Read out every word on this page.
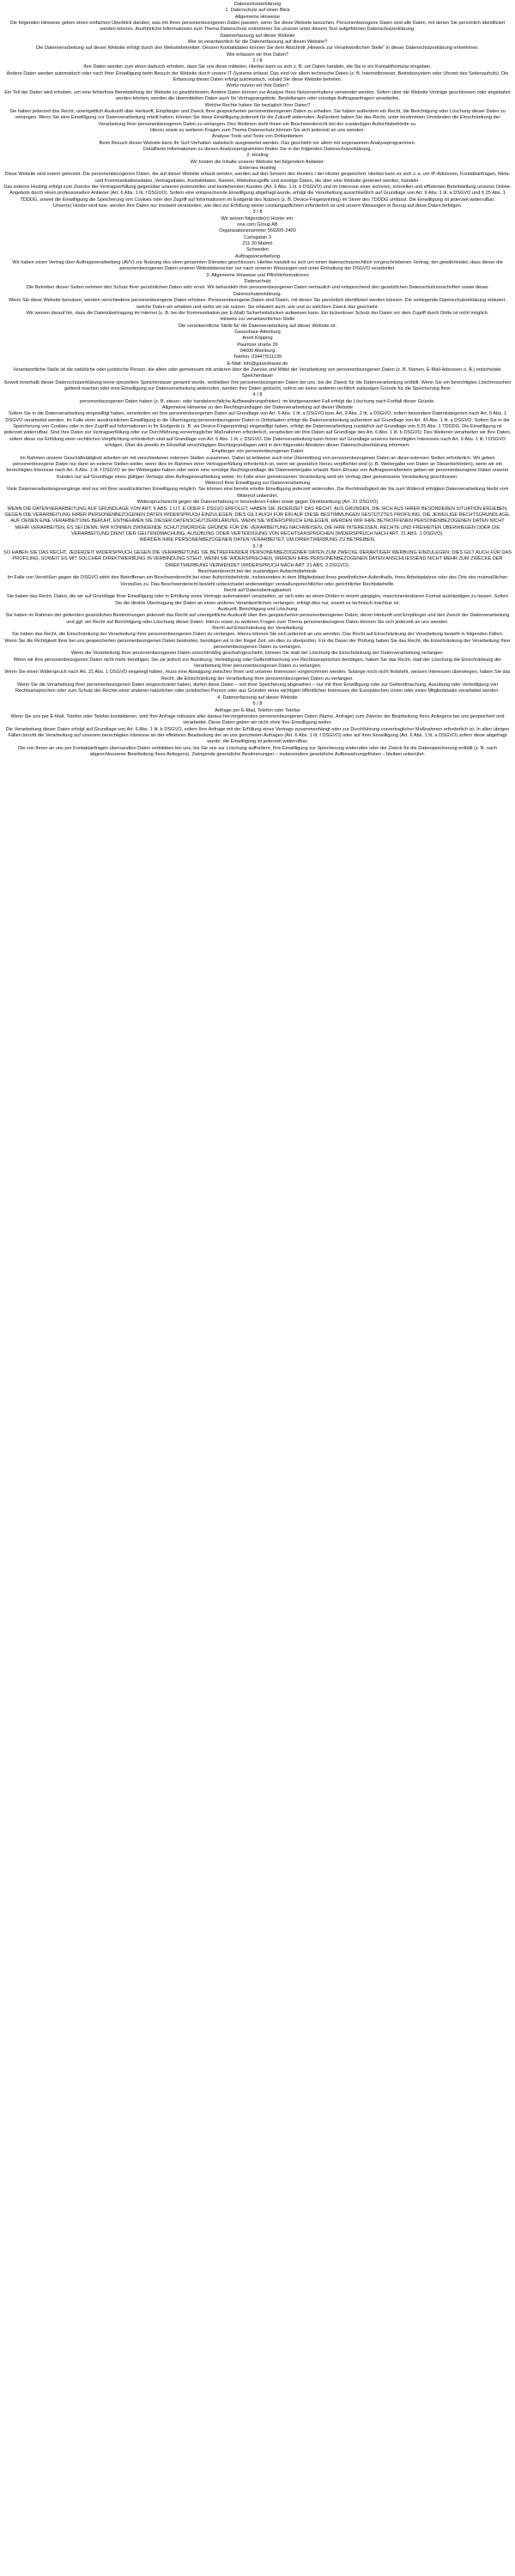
Datenschutzerklärung

1. Datenschutz auf einen Blick

Allgemeine Hinweise

Die folgenden Hinweise geben einen einfachen Überblick darüber, was mit Ihren personenbezogenen Daten passiert, wenn Sie diese Website besuchen. Personenbezogene Daten sind alle Daten, mit denen Sie persönlich identifiziert werden können. Ausführliche Informationen zum Thema Datenschutz entnehmen Sie unserer unter diesem Text aufgeführten Datenschutzerklärung.

Datenerfassung auf dieser Website

Wer ist verantwortlich für die Datenerfassung auf dieser Website?

Die Datenverarbeitung auf dieser Website erfolgt durch den Websitebetreiber. Dessen Kontaktdaten können Sie dem Abschnitt „Hinweis zur Verantwortlichen Stelle“ in dieser Datenschutzerklärung entnehmen.

Wie erfassen wir Ihre Daten?

2 / 8

Ihre Daten werden zum einen dadurch erhoben, dass Sie uns diese mitteilen. Hierbei kann es sich z. B. um Daten handeln, die Sie in ein Kontaktformular eingeben.

Andere Daten werden automatisch oder nach Ihrer Einwilligung beim Besuch der Website durch unsere IT-Systeme erfasst. Das sind vor allem technische Daten (z. B. Internetbrowser, Betriebssystem oder Uhrzeit des Seitenaufrufs). Die Erfassung dieser Daten erfolgt automatisch, sobald Sie diese Website betreten.

Wofür nutzen wir Ihre Daten?

Ein Teil der Daten wird erhoben, um eine fehlerfreie Bereitstellung der Website zu gewährleisten. Andere Daten können zur Analyse Ihres Nutzerverhaltens verwendet werden. Sofern über die Website Verträge geschlossen oder angebahnt werden können, werden die übermittelten Daten auch für Vertragsangebote, Bestellungen oder sonstige Auftragsanfragen verarbeitet.

Welche Rechte haben Sie bezüglich Ihrer Daten?

Sie haben jederzeit das Recht, unentgeltlich Auskunft über Herkunft, Empfänger und Zweck Ihrer gespeicherten personenbezogenen Daten zu erhalten. Sie haben außerdem ein Recht, die Berichtigung oder Löschung dieser Daten zu verlangen. Wenn Sie eine Einwilligung zur Datenverarbeitung erteilt haben, können Sie diese Einwilligung jederzeit für die Zukunft widerrufen. Außerdem haben Sie das Recht, unter bestimmten Umständen die Einschränkung der Verarbeitung Ihrer personenbezogenen Daten zu verlangen. Des Weiteren steht Ihnen ein Beschwerderecht bei der zuständigen Aufsichtsbehörde zu.

Hierzu sowie zu weiteren Fragen zum Thema Datenschutz können Sie sich jederzeit an uns wenden.

Analyse-Tools und Tools von Drittanbietern

Beim Besuch dieser Website kann Ihr Surf-Verhalten statistisch ausgewertet werden. Das geschieht vor allem mit sogenannten Analyseprogrammen.

Detaillierte Informationen zu diesen Analyseprogrammen finden Sie in der folgenden Datenschutzerklärung.

2. Hosting

Wir hosten die Inhalte unserer Website bei folgendem Anbieter:

Externes Hosting

Diese Website wird extern gehostet. Die personenbezogenen Daten, die auf dieser Website erfasst werden, werden auf den Servern des Hosters / der Hoster gespeichert. Hierbei kann es sich v. a. um IP-Adressen, Kontaktanfragen, Meta- und Kommunikationsdaten, Vertragsdaten, Kontaktdaten, Namen, Websitezugriffe und sonstige Daten, die über eine Website generiert werden, handeln.

Das externe Hosting erfolgt zum Zwecke der Vertragserfüllung gegenüber unseren potenziellen und bestehenden Kunden (Art. 6 Abs. 1 lit. b DSGVO) und im Interesse einer sicheren, schnellen und effizienten Bereitstellung unseres Online-Angebots durch einen professionellen Anbieter (Art. 6 Abs. 1 lit. f DSGVO). Sofern eine entsprechende Einwilligung abgefragt wurde, erfolgt die Verarbeitung ausschließlich auf Grundlage von Art. 6 Abs. 1 lit. a DSGVO und § 25 Abs. 1 TDDDG, soweit die Einwilligung die Speicherung von Cookies oder den Zugriff auf Informationen im Endgerät des Nutzers (z. B. Device-Fingerprinting) im Sinne des TDDDG umfasst. Die Einwilligung ist jederzeit widerrufbar.

Unser(e) Hoster wird bzw. werden Ihre Daten nur insoweit verarbeiten, wie dies zur Erfüllung seiner Leistungspflichten erforderlich ist und unsere Weisungen in Bezug auf diese Daten befolgen.

3 / 8

Wir setzen folgende(n) Hoster ein:

one.com Group AB

Organisationsnummer 559205-2400

Carlsgatan 3

211 20 Malmö

Schweden

Auftragsverarbeitung

Wir haben einen Vertrag über Auftragsverarbeitung (AVV) zur Nutzung des oben genannten Dienstes geschlossen. Hierbei handelt es sich um einen datenschutzrechtlich vorgeschriebenen Vertrag, der gewährleistet, dass dieser die personenbezogenen Daten unserer Websitebesucher nur nach unseren Weisungen und unter Einhaltung der DSGVO verarbeitet.

3. Allgemeine Hinweise und Pflichtinformationen

Datenschutz

Die Betreiber dieser Seiten nehmen den Schutz Ihrer persönlichen Daten sehr ernst. Wir behandeln Ihre personenbezogenen Daten vertraulich und entsprechend den gesetzlichen Datenschutzvorschriften sowie dieser Datenschutzerklärung.

Wenn Sie diese Website benutzen, werden verschiedene personenbezogene Daten erhoben. Personenbezogene Daten sind Daten, mit denen Sie persönlich identifiziert werden können. Die vorliegende Datenschutzerklärung erläutert, welche Daten wir erheben und wofür wir sie nutzen. Sie erläutert auch, wie und zu welchem Zweck das geschieht.

Wir weisen darauf hin, dass die Datenübertragung im Internet (z. B. bei der Kommunikation per E-Mail) Sicherheitslücken aufweisen kann. Ein lückenloser Schutz der Daten vor dem Zugriff durch Dritte ist nicht möglich.

Hinweis zur verantwortlichen Stelle

Die verantwortliche Stelle für die Datenverarbeitung auf dieser Website ist:

Gasoohaur-Altenburg

Anett Köpping

Pauritzer straße 39

04600 Altenburg

Telefon: 03447/511139

E-Mail: info@gasenhauer.de

Verantwortliche Stelle ist die natürliche oder juristische Person, die allein oder gemeinsam mit anderen über die Zwecke und Mittel der Verarbeitung von personenbezogenen Daten (z. B. Namen, E-Mail-Adressen o. Ä.) entscheidet.

Speicherdauer

Soweit innerhalb dieser Datenschutzerklärung keine speziellere Speicherdauer genannt wurde, verbleiben Ihre personenbezogenen Daten bei uns, bis der Zweck für die Datenverarbeitung entfällt. Wenn Sie ein berechtigtes Löschersuchen geltend machen oder eine Einwilligung zur Datenverarbeitung widerrufen, werden Ihre Daten gelöscht, sofern wir keine anderen rechtlich zulässigen Gründe für die Speicherung Ihrer

4 / 8

personenbezogenen Daten haben (z. B. steuer- oder handelsrechtliche Aufbewahrungsfristen); im letztgenannten Fall erfolgt die Löschung nach Fortfall dieser Gründe.

Allgemeine Hinweise zu den Rechtsgrundlagen der Datenverarbeitung auf dieser Website

Sofern Sie in die Datenverarbeitung eingewilligt haben, verarbeiten wir Ihre personenbezogenen Daten auf Grundlage von Art. 6 Abs. 1 lit. a DSGVO bzw. Art. 9 Abs. 2 lit. a DSGVO, sofern besondere Datenkategorien nach Art. 9 Abs. 1 DSGVO verarbeitet werden. Im Falle einer ausdrücklichen Einwilligung in die Übertragung personenbezogener Daten in Drittstaaten erfolgt die Datenverarbeitung außerdem auf Grundlage von Art. 49 Abs. 1 lit. a DSGVO. Sofern Sie in die Speicherung von Cookies oder in den Zugriff auf Informationen in Ihr Endgerät (z. B. via Device-Fingerprinting) eingewilligt haben, erfolgt die Datenverarbeitung zusätzlich auf Grundlage von § 25 Abs. 1 TDDDG. Die Einwilligung ist jederzeit widerrufbar. Sind Ihre Daten zur Vertragserfüllung oder zur Durchführung vorvertraglicher Maßnahmen erforderlich, verarbeiten wir Ihre Daten auf Grundlage des Art. 6 Abs. 1 lit. b DSGVO. Des Weiteren verarbeiten wir Ihre Daten, sofern diese zur Erfüllung einer rechtlichen Verpflichtung erforderlich sind auf Grundlage von Art. 6 Abs. 1 lit. c DSGVO. Die Datenverarbeitung kann ferner auf Grundlage unseres berechtigten Interesses nach Art. 6 Abs. 1 lit. f DSGVO erfolgen. Über die jeweils im Einzelfall einschlägigen Rechtsgrundlagen wird in den folgenden Absätzen dieser Datenschutzerklärung informiert.

Empfänger von personenbezogenen Daten

Im Rahmen unserer Geschäftstätigkeit arbeiten wir mit verschiedenen externen Stellen zusammen. Dabei ist teilweise auch eine Übermittlung von personenbezogenen Daten an diese externen Stellen erforderlich. Wir geben personenbezogene Daten nur dann an externe Stellen weiter, wenn dies im Rahmen einer Vertragserfüllung erforderlich ist, wenn wir gesetzlich hierzu verpflichtet sind (z. B. Weitergabe von Daten an Steuerbehörden), wenn wir ein berechtigtes Interesse nach Art. 6 Abs. 1 lit. f DSGVO an der Weitergabe haben oder wenn eine sonstige Rechtsgrundlage die Datenweitergabe erlaubt. Beim Einsatz von Auftragsverarbeitern geben wir personenbezogene Daten unserer Kunden nur auf Grundlage eines gültigen Vertrags über Auftragsverarbeitung weiter. Im Falle einer gemeinsamen Verarbeitung wird ein Vertrag über gemeinsame Verarbeitung geschlossen.

Widerruf Ihrer Einwilligung zur Datenverarbeitung

Viele Datenverarbeitungsvorgänge sind nur mit Ihrer ausdrücklichen Einwilligung möglich. Sie können eine bereits erteilte Einwilligung jederzeit widerrufen. Die Rechtmäßigkeit der bis zum Widerruf erfolgten Datenverarbeitung bleibt vom Widerruf unberührt.

Widerspruchsrecht gegen die Datenerhebung in besonderen Fällen sowie gegen Direktwerbung (Art. 21 DSGVO)

WENN DIE DATENVERARBEITUNG AUF GRUNDLAGE VON ART. 6 ABS. 1 LIT. E ODER F DSGVO ERFOLGT, HABEN SIE JEDERZEIT DAS RECHT, AUS GRÜNDEN, DIE SICH AUS IHRER BESONDEREN SITUATION ERGEBEN, GEGEN DIE VERARBEITUNG IHRER PERSONENBEZOGENEN DATEN WIDERSPRUCH EINZULEGEN; DIES GILT AUCH FÜR EIN AUF DIESE BESTIMMUNGEN GESTÜTZTES PROFILING. DIE JEWEILIGE RECHTSGRUNDLAGE, AUF DENEN EINE VERARBEITUNG BERUHT, ENTNEHMEN SIE DIESER DATENSCHUTZERKLÄRUNG. WENN SIE WIDERSPRUCH EINLEGEN, WERDEN WIR IHRE BETROFFENEN PERSONENBEZOGENEN DATEN NICHT MEHR VERARBEITEN, ES SEI DENN, WIR KÖNNEN ZWINGENDE SCHUTZWÜRDIGE GRÜNDE FÜR DIE VERARBEITUNG NACHWEISEN, DIE IHRE INTERESSEN, RECHTE UND FREIHEITEN ÜBERWIEGEN ODER DIE VERARBEITUNG DIENT DER GELTENDMACHUNG, AUSÜBUNG ODER VERTEIDIGUNG VON RECHTSANSPRÜCHEN (WIDERSPRUCH NACH ART. 21 ABS. 1 DSGVO).

WERDEN IHRE PERSONENBEZOGENEN DATEN VERARBEITET, UM DIREKTWERBUNG ZU BETREIBEN,

5 / 8

SO HABEN SIE DAS RECHT, JEDERZEIT WIDERSPRUCH GEGEN DIE VERARBEITUNG SIE BETREFFENDER PERSONENBEZOGENER DATEN ZUM ZWECKE DERARTIGER WERBUNG EINZULEGEN; DIES GILT AUCH FÜR DAS PROFILING, SOWEIT ES MIT SOLCHER DIREKTWERBUNG IN VERBINDUNG STEHT. WENN SIE WIDERSPRECHEN, WERDEN IHRE PERSONENBEZOGENEN DATEN ANSCHLIESSEND NICHT MEHR ZUM ZWECKE DER DIREKTWERBUNG VERWENDET (WIDERSPRUCH NACH ART. 21 ABS. 2 DSGVO).

Beschwerderecht bei der zuständigen Aufsichtsbehörde

Im Falle von Verstößen gegen die DSGVO steht den Betroffenen ein Beschwerderecht bei einer Aufsichtsbehörde, insbesondere in dem Mitgliedstaat ihres gewöhnlichen Aufenthalts, ihres Arbeitsplatzes oder des Orts des mutmaßlichen Verstoßes zu. Das Beschwerderecht besteht unbeschadet anderweitiger verwaltungsrechtlicher oder gerichtlicher Rechtsbehelfe.

Recht auf Datenübertragbarkeit

Sie haben das Recht, Daten, die wir auf Grundlage Ihrer Einwilligung oder in Erfüllung eines Vertrags automatisiert verarbeiten, an sich oder an einen Dritten in einem gängigen, maschinenlesbaren Format aushändigen zu lassen. Sofern Sie die direkte Übertragung der Daten an einen anderen Verantwortlichen verlangen, erfolgt dies nur, soweit es technisch machbar ist.

Auskunft, Berichtigung und Löschung

Sie haben im Rahmen der geltenden gesetzlichen Bestimmungen jederzeit das Recht auf unentgeltliche Auskunft über Ihre gespeicherten personenbezogenen Daten, deren Herkunft und Empfänger und den Zweck der Datenverarbeitung und ggf. ein Recht auf Berichtigung oder Löschung dieser Daten. Hierzu sowie zu weiteren Fragen zum Thema personenbezogene Daten können Sie sich jederzeit an uns wenden.

Recht auf Einschränkung der Verarbeitung

Sie haben das Recht, die Einschränkung der Verarbeitung Ihrer personenbezogenen Daten zu verlangen. Hierzu können Sie sich jederzeit an uns wenden. Das Recht auf Einschränkung der Verarbeitung besteht in folgenden Fällen:

Wenn Sie die Richtigkeit Ihrer bei uns gespeicherten personenbezogenen Daten bestreiten, benötigen wir in der Regel Zeit, um dies zu überprüfen. Für die Dauer der Prüfung haben Sie das Recht, die Einschränkung der Verarbeitung Ihrer personenbezogenen Daten zu verlangen.

Wenn die Verarbeitung Ihrer personenbezogenen Daten unrechtmäßig geschah/geschieht, können Sie statt der Löschung die Einschränkung der Datenverarbeitung verlangen.

Wenn wir Ihre personenbezogenen Daten nicht mehr benötigen, Sie sie jedoch zur Ausübung, Verteidigung oder Geltendmachung von Rechtsansprüchen benötigen, haben Sie das Recht, statt der Löschung die Einschränkung der Verarbeitung Ihrer personenbezogenen Daten zu verlangen.

Wenn Sie einen Widerspruch nach Art. 21 Abs. 1 DSGVO eingelegt haben, muss eine Abwägung zwischen Ihren und unseren Interessen vorgenommen werden. Solange noch nicht feststeht, wessen Interessen überwiegen, haben Sie das Recht, die Einschränkung der Verarbeitung Ihrer personenbezogenen Daten zu verlangen.

Wenn Sie die Verarbeitung Ihrer personenbezogenen Daten eingeschränkt haben, dürfen diese Daten – von ihrer Speicherung abgesehen – nur mit Ihrer Einwilligung oder zur Geltendmachung, Ausübung oder Verteidigung von Rechtsansprüchen oder zum Schutz der Rechte einer anderen natürlichen oder juristischen Person oder aus Gründen eines wichtigen öffentlichen Interesses der Europäischen Union oder eines Mitgliedstaats verarbeitet werden.

4. Datenerfassung auf dieser Website

6 / 8

Anfrage per E-Mail, Telefon oder Telefax

Wenn Sie uns per E-Mail, Telefon oder Telefax kontaktieren, wird Ihre Anfrage inklusive aller daraus hervorgehenden personenbezogenen Daten (Name, Anfrage) zum Zwecke der Bearbeitung Ihres Anliegens bei uns gespeichert und verarbeitet. Diese Daten geben wir nicht ohne Ihre Einwilligung weiter.

Die Verarbeitung dieser Daten erfolgt auf Grundlage von Art. 6 Abs. 1 lit. b DSGVO, sofern Ihre Anfrage mit der Erfüllung eines Vertrags zusammenhängt oder zur Durchführung vorvertraglicher Maßnahmen erforderlich ist. In allen übrigen Fällen beruht die Verarbeitung auf unserem berechtigten Interesse an der effektiven Bearbeitung der an uns gerichteten Anfragen (Art. 6 Abs. 1 lit. f DSGVO) oder auf Ihrer Einwilligung (Art. 6 Abs. 1 lit. a DSGVO) sofern diese abgefragt wurde; die Einwilligung ist jederzeit widerrufbar.

Die von Ihnen an uns per Kontaktanfragen übersandten Daten verbleiben bei uns, bis Sie uns zur Löschung auffordern, Ihre Einwilligung zur Speicherung widerrufen oder der Zweck für die Datenspeicherung entfällt (z. B. nach abgeschlossener Bearbeitung Ihres Anliegens). Zwingende gesetzliche Bestimmungen – insbesondere gesetzliche Aufbewahrungsfristen – bleiben unberührt.
